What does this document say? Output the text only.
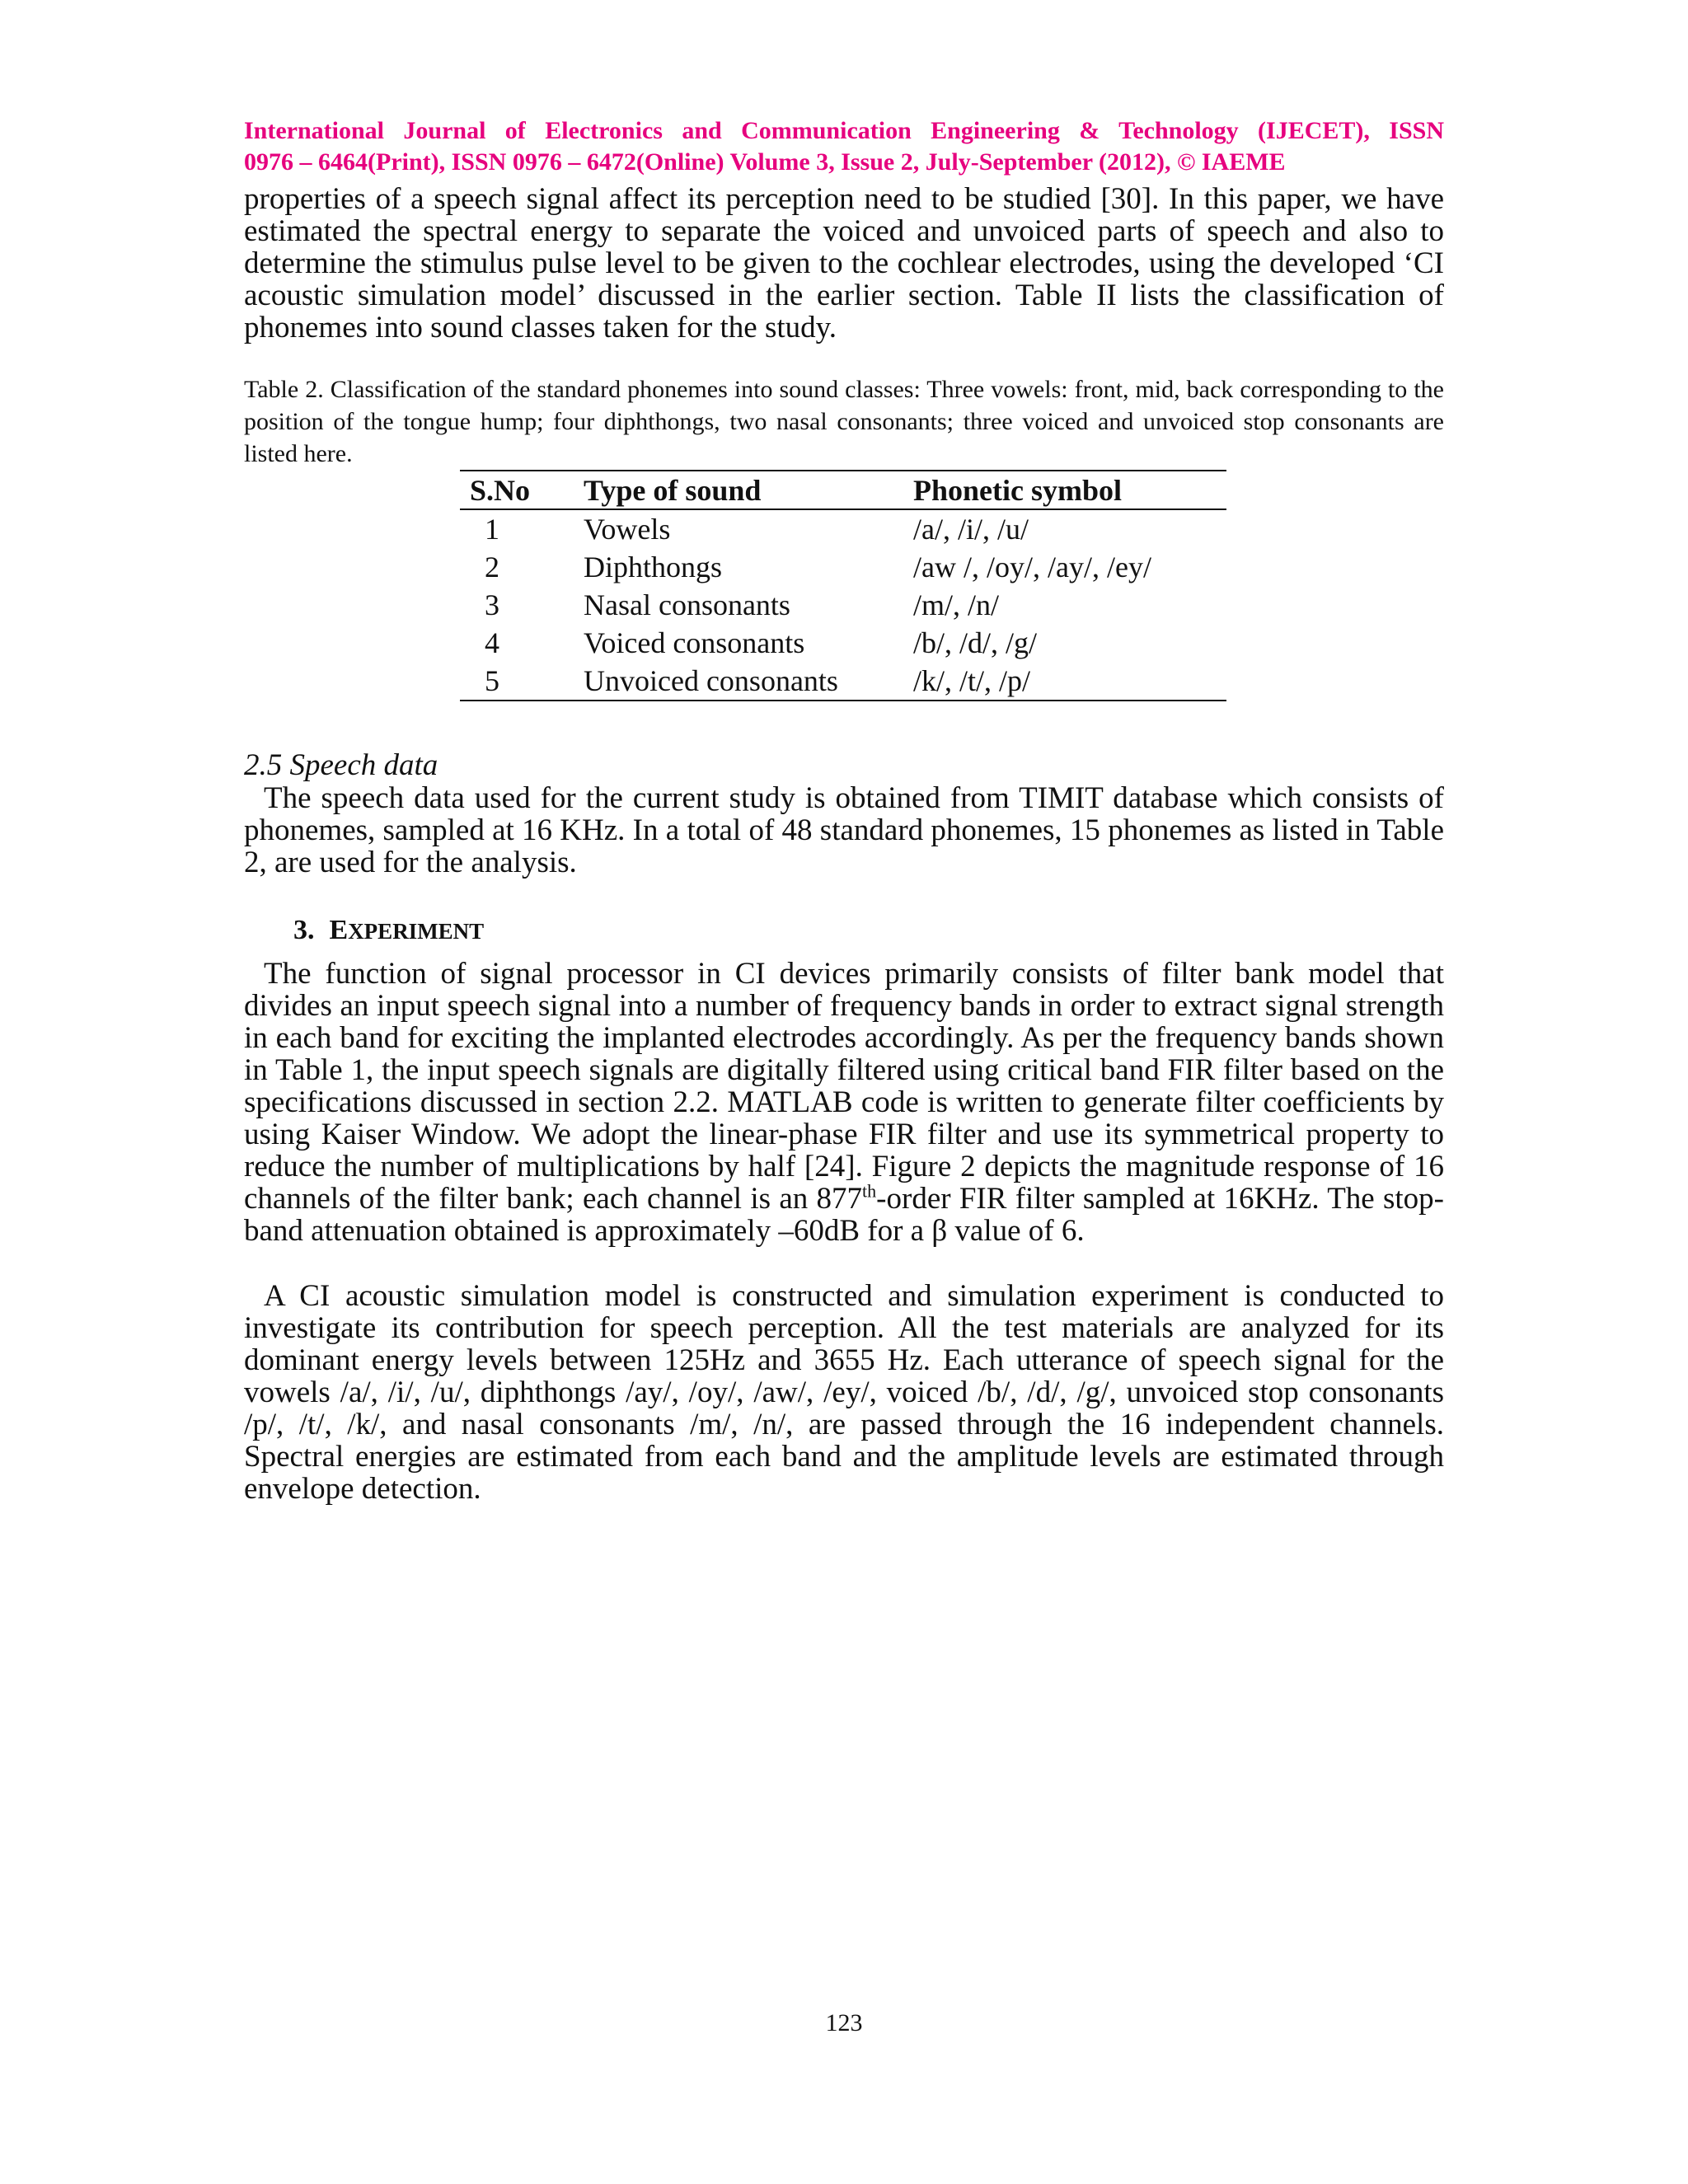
International Journal of Electronics and Communication Engineering & Technology (IJECET), ISSN
0976 – 6464(Print), ISSN 0976 – 6472(Online) Volume 3, Issue 2, July-September (2012), © IAEME

properties of a speech signal affect its perception need to be studied [30]. In this paper, we have estimated the spectral energy to separate the voiced and unvoiced parts of speech and also to determine the stimulus pulse level to be given to the cochlear electrodes, using the developed ‘CI acoustic simulation model’ discussed in the earlier section. Table II lists the classification of phonemes into sound classes taken for the study.

Table 2. Classification of the standard phonemes into sound classes: Three vowels: front, mid, back corresponding to the position of the tongue hump; four diphthongs, two nasal consonants; three voiced and unvoiced stop consonants are listed here.

S.No	Type of sound	Phonetic symbol
1	Vowels	/a/, /i/, /u/
2	Diphthongs	/aw /, /oy/, /ay/, /ey/
3	Nasal consonants	/m/, /n/
4	Voiced consonants	/b/, /d/, /g/
5	Unvoiced consonants	/k/, /t/, /p/

2.5 Speech data

The speech data used for the current study is obtained from TIMIT database which consists of phonemes, sampled at 16 KHz. In a total of 48 standard phonemes, 15 phonemes as listed in Table 2, are used for the analysis.

3. EXPERIMENT

The function of signal processor in CI devices primarily consists of filter bank model that divides an input speech signal into a number of frequency bands in order to extract signal strength in each band for exciting the implanted electrodes accordingly. As per the frequency bands shown in Table 1, the input speech signals are digitally filtered using critical band FIR filter based on the specifications discussed in section 2.2. MATLAB code is written to generate filter coefficients by using Kaiser Window. We adopt the linear-phase FIR filter and use its symmetrical property to reduce the number of multiplications by half [24]. Figure 2 depicts the magnitude response of 16 channels of the filter bank; each channel is an 877th-order FIR filter sampled at 16KHz. The stop-band attenuation obtained is approximately –60dB for a β value of 6.

A CI acoustic simulation model is constructed and simulation experiment is conducted to investigate its contribution for speech perception. All the test materials are analyzed for its dominant energy levels between 125Hz and 3655 Hz. Each utterance of speech signal for the vowels /a/, /i/, /u/, diphthongs /ay/, /oy/, /aw/, /ey/, voiced /b/, /d/, /g/, unvoiced stop consonants /p/, /t/, /k/, and nasal consonants /m/, /n/, are passed through the 16 independent channels. Spectral energies are estimated from each band and the amplitude levels are estimated through envelope detection.

123
